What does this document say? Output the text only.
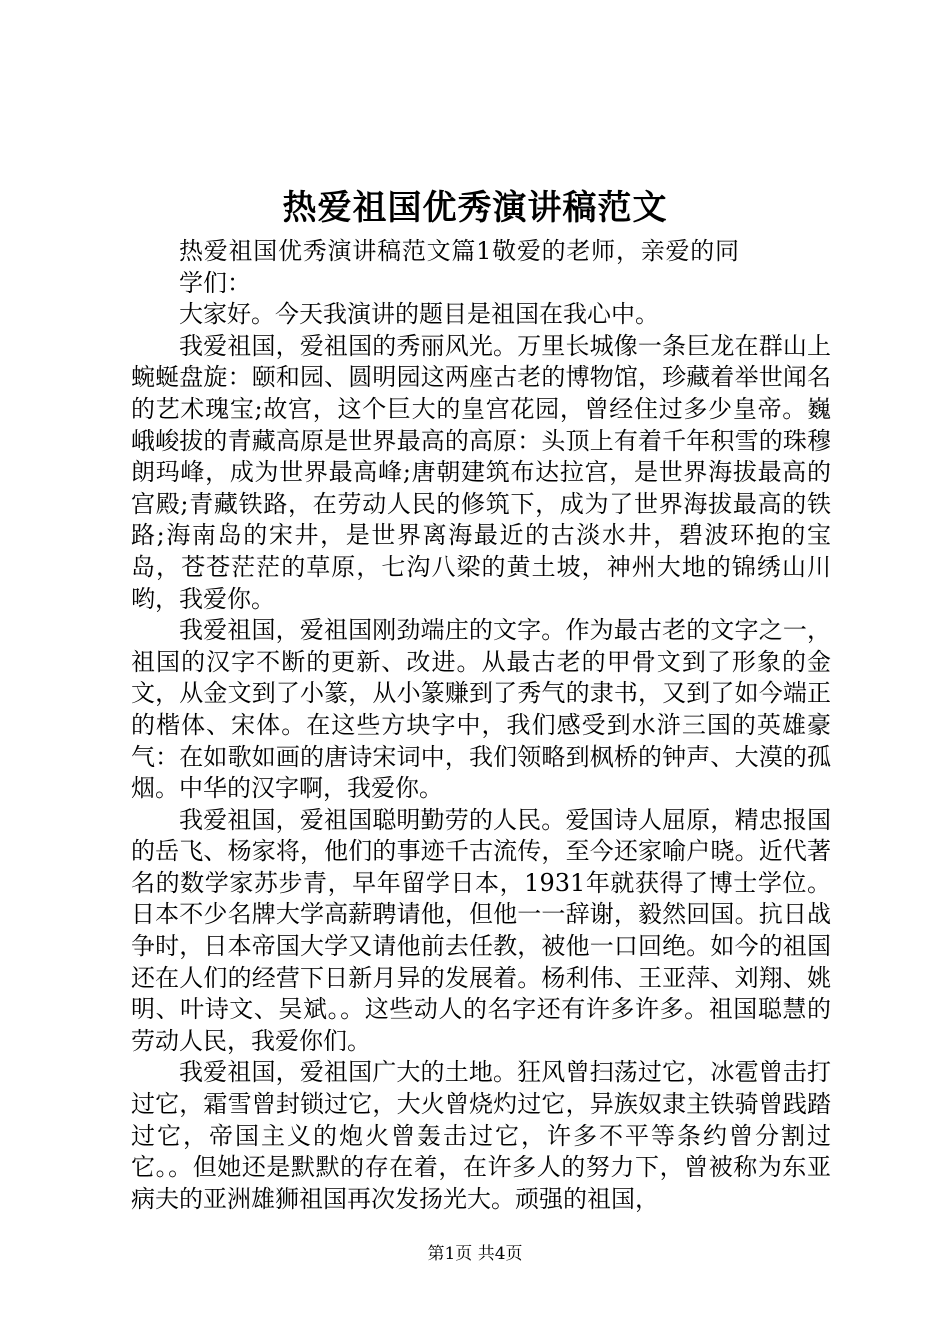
热爱祖国优秀演讲稿范文

热爱祖国优秀演讲稿范文篇1敬爱的老师，亲爱的同学们：

大家好。今天我演讲的题目是祖国在我心中。

我爱祖国，爱祖国的秀丽风光。万里长城像一条巨龙在群山上蜿蜒盘旋：颐和园、圆明园这两座古老的博物馆，珍藏着举世闻名的艺术瑰宝;故宫，这个巨大的皇宫花园，曾经住过多少皇帝。巍峨峻拔的青藏高原是世界最高的高原：头顶上有着千年积雪的珠穆朗玛峰，成为世界最高峰;唐朝建筑布达拉宫，是世界海拔最高的宫殿;青藏铁路，在劳动人民的修筑下，成为了世界海拔最高的铁路;海南岛的宋井，是世界离海最近的古淡水井，碧波环抱的宝岛，苍苍茫茫的草原，七沟八梁的黄土坡，神州大地的锦绣山川哟，我爱你。

我爱祖国，爱祖国刚劲端庄的文字。作为最古老的文字之一，祖国的汉字不断的更新、改进。从最古老的甲骨文到了形象的金文，从金文到了小篆，从小篆赚到了秀气的隶书，又到了如今端正的楷体、宋体。在这些方块字中，我们感受到水浒三国的英雄豪气：在如歌如画的唐诗宋词中，我们领略到枫桥的钟声、大漠的孤烟。中华的汉字啊，我爱你。

我爱祖国，爱祖国聪明勤劳的人民。爱国诗人屈原，精忠报国的岳飞、杨家将，他们的事迹千古流传，至今还家喻户晓。近代著名的数学家苏步青，早年留学日本，1931年就获得了博士学位。日本不少名牌大学高薪聘请他，但他一一辞谢，毅然回国。抗日战争时，日本帝国大学又请他前去任教，被他一口回绝。如今的祖国还在人们的经营下日新月异的发展着。杨利伟、王亚萍、刘翔、姚明、叶诗文、吴斌。。这些动人的名字还有许多许多。祖国聪慧的劳动人民，我爱你们。

我爱祖国，爱祖国广大的土地。狂风曾扫荡过它，冰雹曾击打过它，霜雪曾封锁过它，大火曾烧灼过它，异族奴隶主铁骑曾践踏过它，帝国主义的炮火曾轰击过它，许多不平等条约曾分割过它。。但她还是默默的存在着，在许多人的努力下，曾被称为东亚病夫的亚洲雄狮祖国再次发扬光大。顽强的祖国，

第1页 共4页
